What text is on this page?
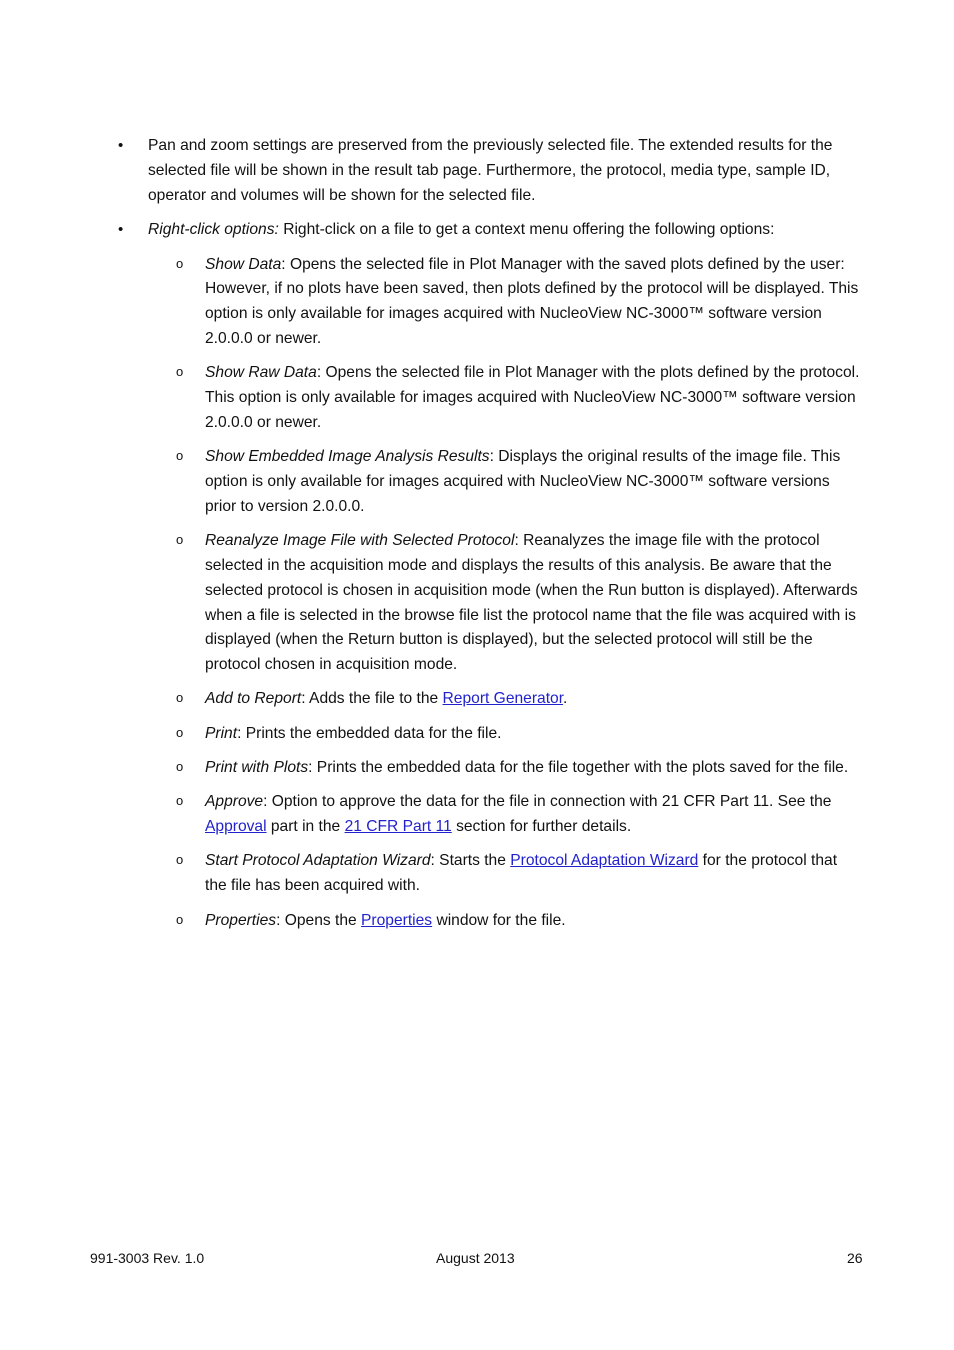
• Pan and zoom settings are preserved from the previously selected file. The extended results for the selected file will be shown in the result tab page. Furthermore, the protocol, media type, sample ID, operator and volumes will be shown for the selected file.
• Right-click options: Right-click on a file to get a context menu offering the following options:
o Show Data: Opens the selected file in Plot Manager with the saved plots defined by the user: However, if no plots have been saved, then plots defined by the protocol will be displayed. This option is only available for images acquired with NucleoView NC-3000™ software version 2.0.0.0 or newer.
o Show Raw Data: Opens the selected file in Plot Manager with the plots defined by the protocol. This option is only available for images acquired with NucleoView NC-3000™ software version 2.0.0.0 or newer.
o Show Embedded Image Analysis Results: Displays the original results of the image file. This option is only available for images acquired with NucleoView NC-3000™ software versions prior to version 2.0.0.0.
o Reanalyze Image File with Selected Protocol: Reanalyzes the image file with the protocol selected in the acquisition mode and displays the results of this analysis. Be aware that the selected protocol is chosen in acquisition mode (when the Run button is displayed). Afterwards when a file is selected in the browse file list the protocol name that the file was acquired with is displayed (when the Return button is displayed), but the selected protocol will still be the protocol chosen in acquisition mode.
o Add to Report: Adds the file to the Report Generator.
o Print: Prints the embedded data for the file.
o Print with Plots: Prints the embedded data for the file together with the plots saved for the file.
o Approve: Option to approve the data for the file in connection with 21 CFR Part 11. See the Approval part in the 21 CFR Part 11 section for further details.
o Start Protocol Adaptation Wizard: Starts the Protocol Adaptation Wizard for the protocol that the file has been acquired with.
o Properties: Opens the Properties window for the file.
991-3003 Rev. 1.0	August 2013	26
